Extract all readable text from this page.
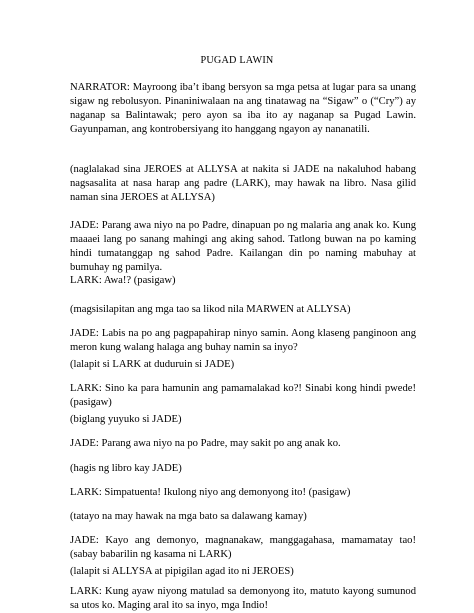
PUGAD LAWIN

NARRATOR: Mayroong iba’t ibang bersyon sa mga petsa at lugar para sa unang sigaw ng rebolusyon. Pinaniniwalaan na ang tinatawag na “Sigaw” o (“Cry”) ay naganap sa Balintawak; pero ayon sa iba ito ay naganap sa Pugad Lawin. Gayunpaman, ang kontrobersiyang ito hanggang ngayon ay nananatili.

(naglalakad sina JEROES at ALLYSA at nakita si JADE na nakaluhod habang nagsasalita at nasa harap ang padre (LARK), may hawak na libro. Nasa gilid naman sina JEROES at ALLYSA)

JADE: Parang awa niyo na po Padre, dinapuan po ng malaria ang anak ko. Kung maaaei lang po sanang mahingi ang aking sahod. Tatlong buwan na po kaming hindi tumatanggap ng sahod Padre. Kailangan din po naming mabuhay at bumuhay ng pamilya.

LARK: Awa!? (pasigaw)

(magsisilapitan ang mga tao sa likod nila MARWEN at ALLYSA)

JADE: Labis na po ang pagpapahirap ninyo samin. Aong klaseng panginoon ang meron kung walang halaga ang buhay namin sa inyo?

(lalapit si LARK at duduruin si JADE)

LARK: Sino ka para hamunin ang pamamalakad ko?! Sinabi kong hindi pwede! (pasigaw)

(biglang yuyuko si JADE)

JADE: Parang awa niyo na po Padre, may sakit po ang anak ko.

(hagis ng libro kay JADE)

LARK: Simpatuenta! Ikulong niyo ang demonyong ito! (pasigaw)

(tatayo na may hawak na mga bato sa dalawang kamay)

JADE: Kayo ang demonyo, magnanakaw, manggagahasa, mamamatay tao! (sabay babarilin ng kasama ni LARK)

(lalapit si ALLYSA at pipigilan agad ito ni JEROES)

LARK: Kung ayaw niyong matulad sa demonyong ito, matuto kayong sumunod sa utos ko. Maging aral ito sa inyo, mga Indio!
